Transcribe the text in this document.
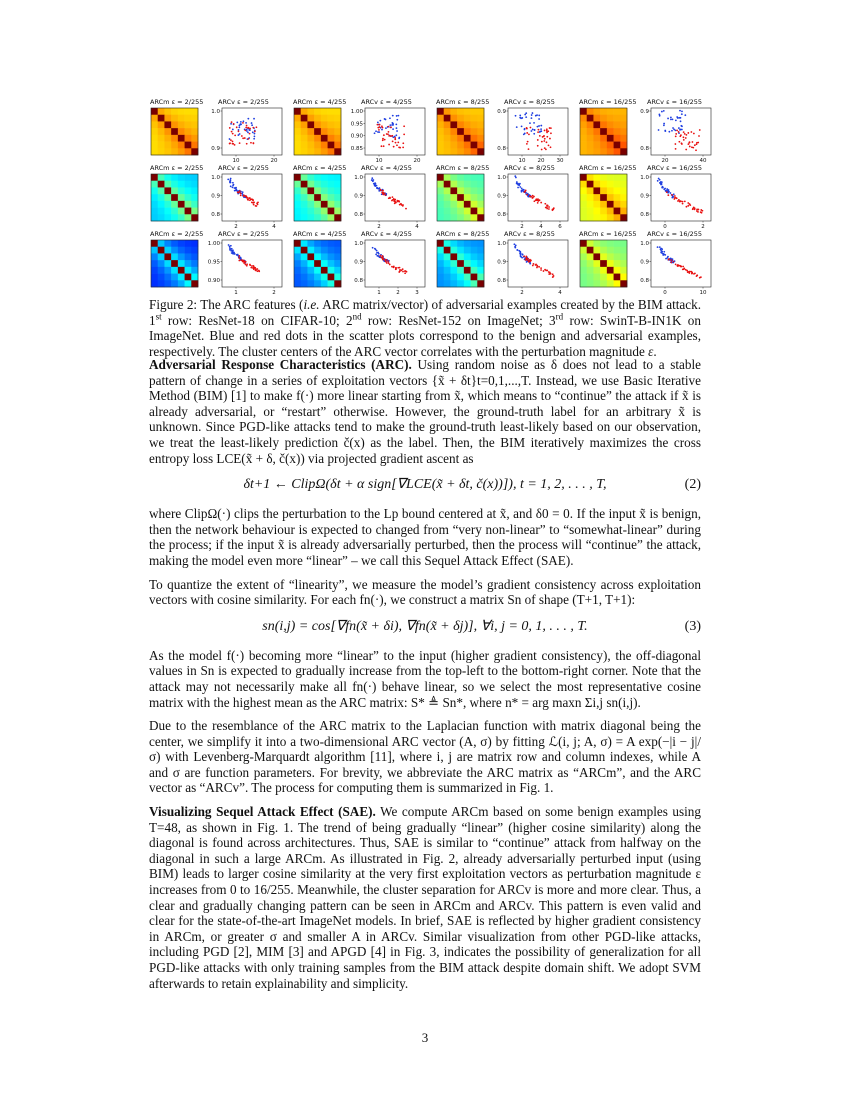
ARCm ε = 2/255 ARCv ε = 2/255
1.0
0.9
10	20
ARCm ε = 4/255 ARCv ε = 4/255
1.00
0.95
0.90
0.85
10	20
ARCm ε = 8/255 ARCv ε = 8/255
0.9
0.8
10 20 30
ARCm ε = 16/255 ARCv ε = 16/255
0.9
0.8
20	40
ARCm ε = 2/255 ARCv ε = 2/255
1.0
0.9
0.8
2	4
ARCm ε = 4/255 ARCv ε = 4/255
1.0
0.9
0.8
2	4
ARCm ε = 8/255 ARCv ε = 8/255
1.0
0.9
0.8
2	4	6
ARCm ε = 16/255 ARCv ε = 16/255
1.0
0.9
0.8
0	2
ARCm ε = 2/255 ARCv ε = 2/255
1.00
0.95
0.90
1	2
ARCm ε = 4/255 ARCv ε = 4/255
1.0
0.9
0.8
1	2	3
ARCm ε = 8/255 ARCv ε = 8/255
1.0
0.9
0.8
2	4
ARCm ε = 16/255 ARCv ε = 16/255
1.0
0.9
0.8
0	10

Figure 2: The ARC features (i.e. ARC matrix/vector) of adversarial examples created by the BIM attack. 1st row: ResNet-18 on CIFAR-10; 2nd row: ResNet-152 on ImageNet; 3rd row: SwinT-B-IN1K on ImageNet. Blue and red dots in the scatter plots correspond to the benign and adversarial examples, respectively. The cluster centers of the ARC vector correlates with the perturbation magnitude ε.

Adversarial Response Characteristics (ARC). Using random noise as δ does not lead to a stable pattern of change in a series of exploitation vectors {x̃ + δt}t=0,1,...,T. Instead, we use Basic Iterative Method (BIM) [1] to make f(·) more linear starting from x̃, which means to “continue” the attack if x̃ is already adversarial, or “restart” otherwise. However, the ground-truth label for an arbitrary x̃ is unknown. Since PGD-like attacks tend to make the ground-truth least-likely based on our observation, we treat the least-likely prediction č(x) as the label. Then, the BIM iteratively maximizes the cross entropy loss LCE(x̃ + δ, č(x)) via projected gradient ascent as

δt+1 ← ClipΩ(δt + α sign[∇LCE(x̃ + δt, č(x))]), t = 1, 2, . . . , T,	(2)

where ClipΩ(·) clips the perturbation to the Lp bound centered at x̃, and δ0 = 0. If the input x̃ is benign, then the network behaviour is expected to changed from “very non-linear” to “somewhat-linear” during the process; if the input x̃ is already adversarially perturbed, then the process will “continue” the attack, making the model even more “linear” – we call this Sequel Attack Effect (SAE).

To quantize the extent of “linearity”, we measure the model’s gradient consistency across exploitation vectors with cosine similarity. For each fn(·), we construct a matrix Sn of shape (T+1, T+1):

sn(i,j) = cos[∇fn(x̃ + δi), ∇fn(x̃ + δj)], ∀i, j = 0, 1, . . . , T.	(3)

As the model f(·) becoming more “linear” to the input (higher gradient consistency), the off-diagonal values in Sn is expected to gradually increase from the top-left to the bottom-right corner. Note that the attack may not necessarily make all fn(·) behave linear, so we select the most representative cosine matrix with the highest mean as the ARC matrix: S* ≜ Sn*, where n* = arg maxn Σi,j sn(i,j).

Due to the resemblance of the ARC matrix to the Laplacian function with matrix diagonal being the center, we simplify it into a two-dimensional ARC vector (A, σ) by fitting ℒ(i, j; A, σ) = A exp(−|i − j|/σ) with Levenberg-Marquardt algorithm [11], where i, j are matrix row and column indexes, while A and σ are function parameters. For brevity, we abbreviate the ARC matrix as “ARCm”, and the ARC vector as “ARCv”. The process for computing them is summarized in Fig. 1.

Visualizing Sequel Attack Effect (SAE). We compute ARCm based on some benign examples using T=48, as shown in Fig. 1. The trend of being gradually “linear” (higher cosine similarity) along the diagonal is found across architectures. Thus, SAE is similar to “continue” attack from halfway on the diagonal in such a large ARCm. As illustrated in Fig. 2, already adversarially perturbed input (using BIM) leads to larger cosine similarity at the very first exploitation vectors as perturbation magnitude ε increases from 0 to 16/255. Meanwhile, the cluster separation for ARCv is more and more clear. Thus, a clear and gradually changing pattern can be seen in ARCm and ARCv. This pattern is even valid and clear for the state-of-the-art ImageNet models. In brief, SAE is reflected by higher gradient consistency in ARCm, or greater σ and smaller A in ARCv. Similar visualization from other PGD-like attacks, including PGD [2], MIM [3] and APGD [4] in Fig. 3, indicates the possibility of generalization for all PGD-like attacks with only training samples from the BIM attack despite domain shift. We adopt SVM afterwards to retain explainability and simplicity.

3
